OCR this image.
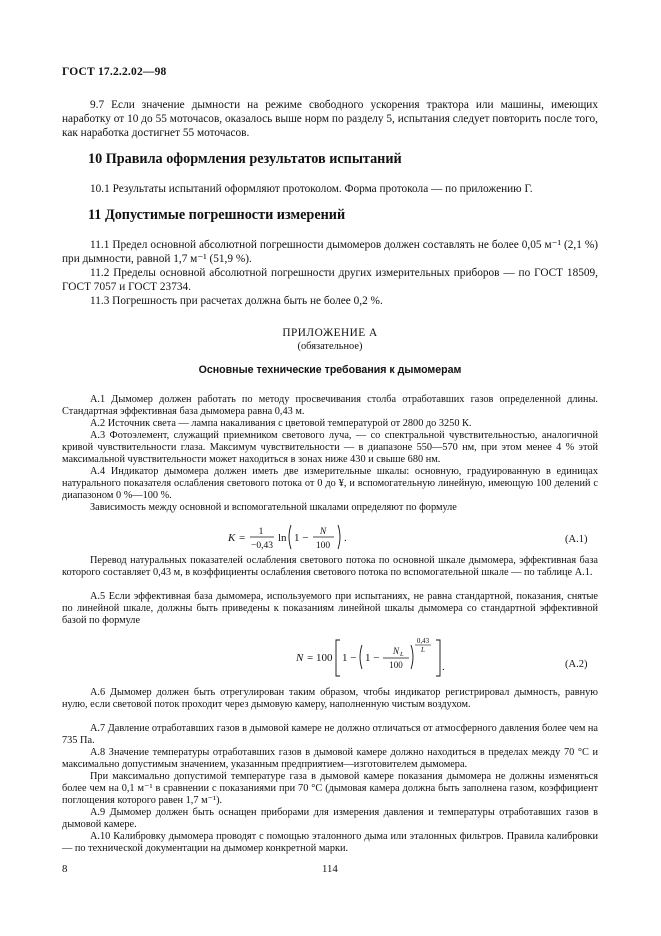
ГОСТ 17.2.2.02—98

9.7 Если значение дымности на режиме свободного ускорения трактора или машины, имеющих наработку от 10 до 55 моточасов, оказалось выше норм по разделу 5, испытания следует повторить после того, как наработка достигнет 55 моточасов.

10 Правила оформления результатов испытаний

10.1 Результаты испытаний оформляют протоколом. Форма протокола — по приложению Г.

11 Допустимые погрешности измерений

11.1 Предел основной абсолютной погрешности дымомеров должен составлять не более 0,05 м⁻¹ (2,1 %) при дымности, равной 1,7 м⁻¹ (51,9 %).

11.2 Пределы основной абсолютной погрешности других измерительных приборов — по ГОСТ 18509, ГОСТ 7057 и ГОСТ 23734.

11.3 Погрешность при расчетах должна быть не более 0,2 %.

ПРИЛОЖЕНИЕ А

(обязательное)

Основные технические требования к дымомерам

А.1 Дымомер должен работать по методу просвечивания столба отработавших газов определенной длины. Стандартная эффективная база дымомера равна 0,43 м.

А.2 Источник света — лампа накаливания с цветовой температурой от 2800 до 3250 К.

А.3 Фотоэлемент, служащий приемником светового луча, — со спектральной чувствительностью, аналогичной кривой чувствительности глаза. Максимум чувствительности — в диапазоне 550—570 нм, при этом менее 4 % этой максимальной чувствительности может находиться в зонах ниже 430 и свыше 680 нм.

А.4 Индикатор дымомера должен иметь две измерительные шкалы: основную, градуированную в единицах натурального показателя ослабления светового потока от 0 до ¥, и вспомогательную линейную, имеющую 100 делений с диапазоном 0 %—100 %.

Зависимость между основной и вспомогательной шкалами определяют по формуле

K = 1
−0,43
ln 1 − N
100
.	(А.1)

Перевод натуральных показателей ослабления светового потока по основной шкале дымомера, эффективная база которого составляет 0,43 м, в коэффициенты ослабления светового потока по вспомогательной шкале — по таблице А.1.

А.5 Если эффективная база дымомера, используемого при испытаниях, не равна стандартной, показания, снятые по линейной шкале, должны быть приведены к показаниям линейной шкалы дымомера со стандартной эффективной базой по формуле

N = 100 1 − 1 −
N L
100
0,43
L
.	(А.2)

А.6 Дымомер должен быть отрегулирован таким образом, чтобы индикатор регистрировал дымность, равную нулю, если световой поток проходит через дымовую камеру, наполненную чистым воздухом.

А.7 Давление отработавших газов в дымовой камере не должно отличаться от атмосферного давления более чем на 735 Па.

А.8 Значение температуры отработавших газов в дымовой камере должно находиться в пределах между 70 °С и максимально допустимым значением, указанным предприятием—изготовителем дымомера.

При максимально допустимой температуре газа в дымовой камере показания дымомера не должны изменяться более чем на 0,1 м⁻¹ в сравнении с показаниями при 70 °С (дымовая камера должна быть заполнена газом, коэффициент поглощения которого равен 1,7 м⁻¹).

А.9 Дымомер должен быть оснащен приборами для измерения давления и температуры отработавших газов в дымовой камере.

А.10 Калибровку дымомера проводят с помощью эталонного дыма или эталонных фильтров. Правила калибровки — по технической документации на дымомер конкретной марки.

8	114
